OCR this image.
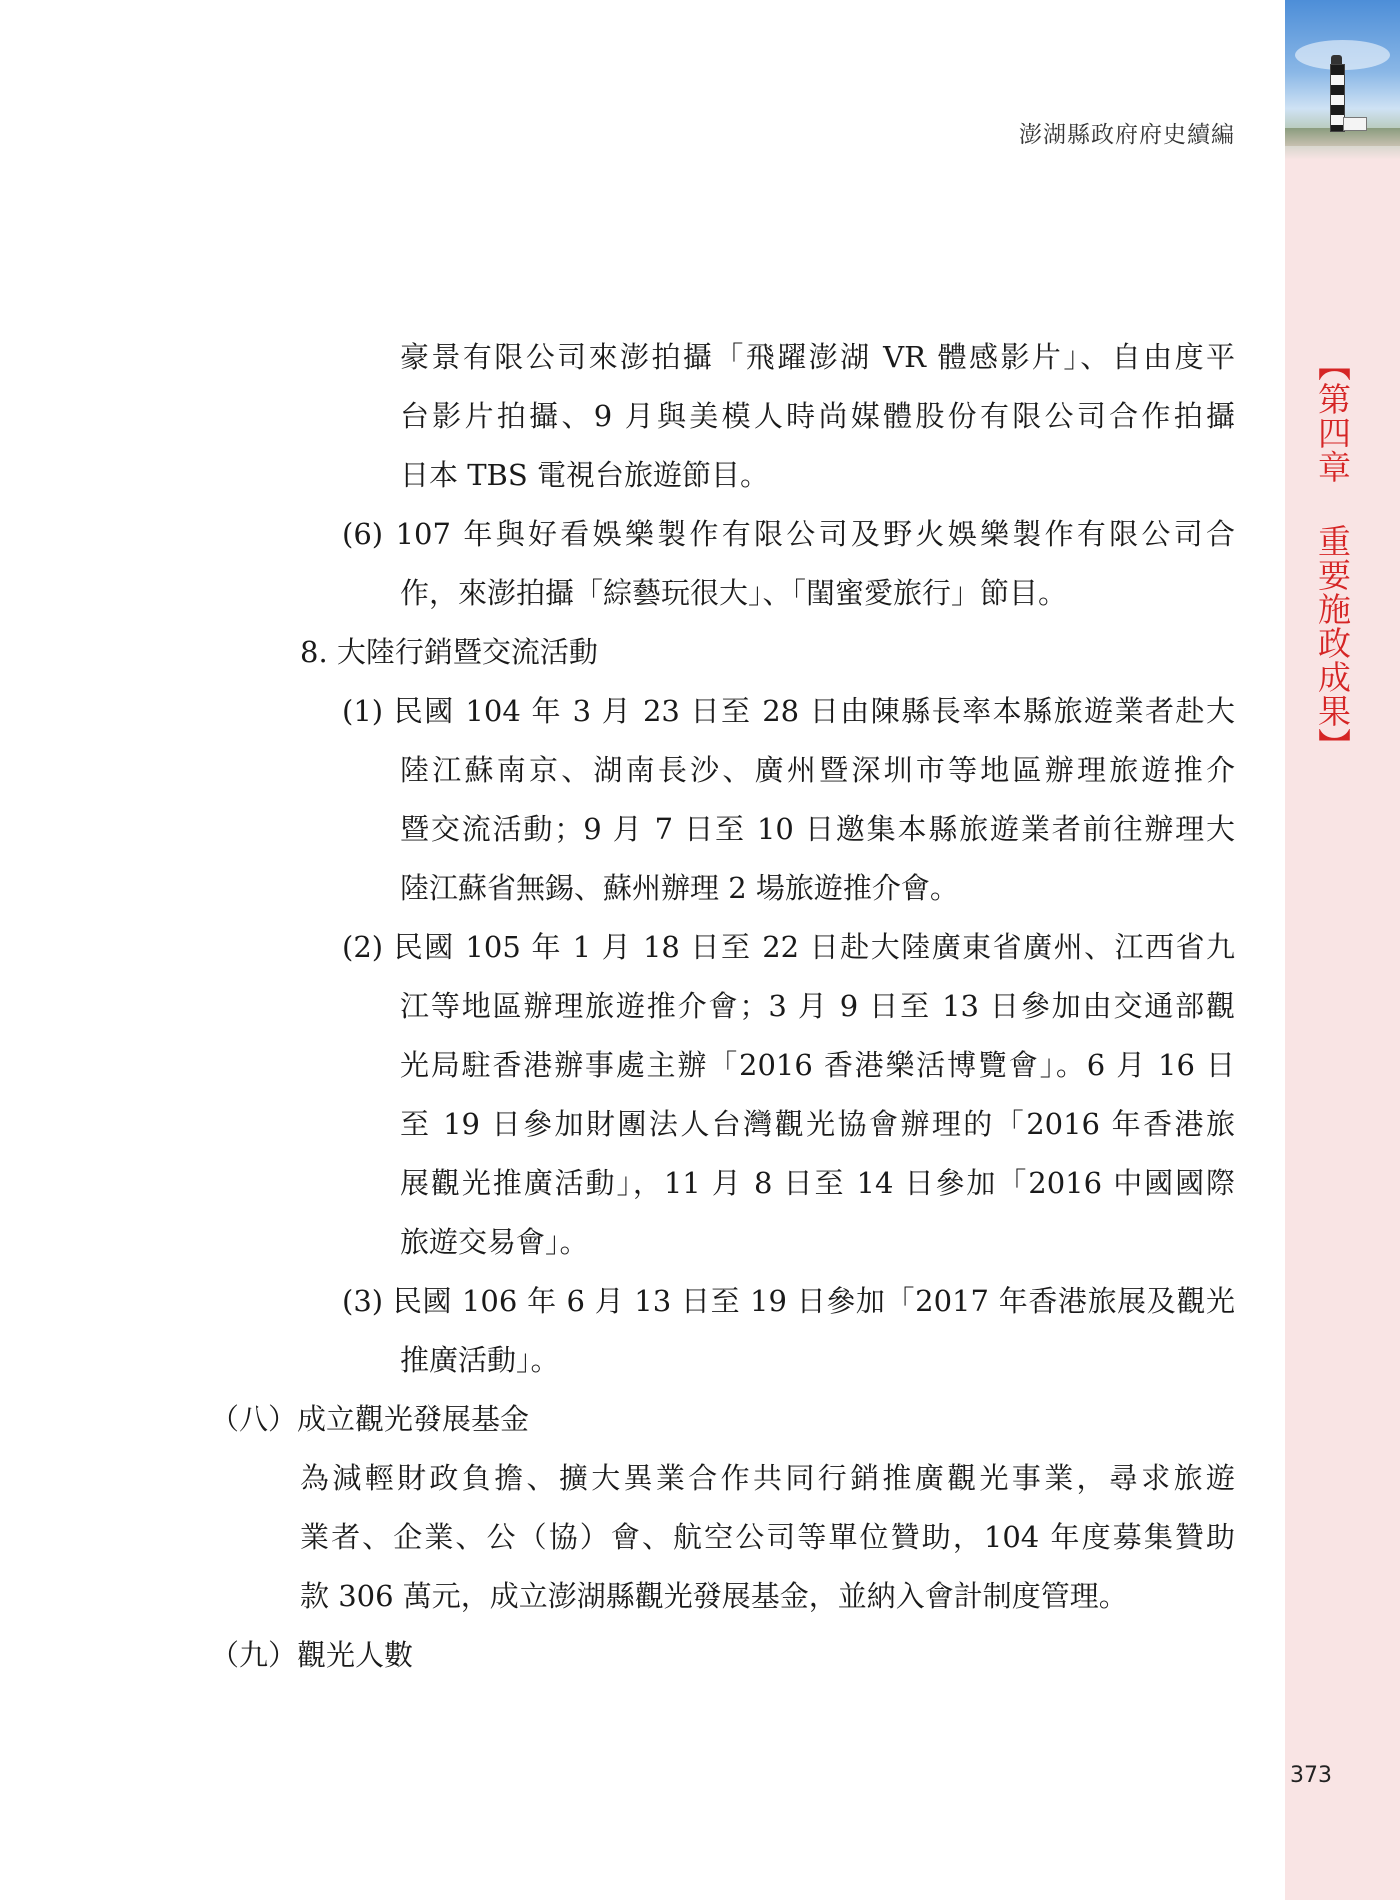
澎湖縣政府府史續編
【第四章 重要施政成果】
豪景有限公司來澎拍攝「飛躍澎湖 VR 體感影片」、自由度平
台影片拍攝、9 月與美模人時尚媒體股份有限公司合作拍攝
日本 TBS 電視台旅遊節目。
(6) 107 年與好看娛樂製作有限公司及野火娛樂製作有限公司合
作，來澎拍攝「綜藝玩很大」、「閨蜜愛旅行」節目。
8. 大陸行銷暨交流活動
(1) 民國 104 年 3 月 23 日至 28 日由陳縣長率本縣旅遊業者赴大
陸江蘇南京、湖南長沙、廣州暨深圳市等地區辦理旅遊推介
暨交流活動；9 月 7 日至 10 日邀集本縣旅遊業者前往辦理大
陸江蘇省無錫、蘇州辦理 2 場旅遊推介會。
(2) 民國 105 年 1 月 18 日至 22 日赴大陸廣東省廣州、江西省九
江等地區辦理旅遊推介會；3 月 9 日至 13 日參加由交通部觀
光局駐香港辦事處主辦「2016 香港樂活博覽會」。6 月 16 日
至 19 日參加財團法人台灣觀光協會辦理的「2016 年香港旅
展觀光推廣活動」，11 月 8 日至 14 日參加「2016 中國國際
旅遊交易會」。
(3) 民國 106 年 6 月 13 日至 19 日參加「2017 年香港旅展及觀光
推廣活動」。
（八）成立觀光發展基金
為減輕財政負擔、擴大異業合作共同行銷推廣觀光事業，尋求旅遊
業者、企業、公（協）會、航空公司等單位贊助，104 年度募集贊助
款 306 萬元，成立澎湖縣觀光發展基金，並納入會計制度管理。
（九）觀光人數
373
